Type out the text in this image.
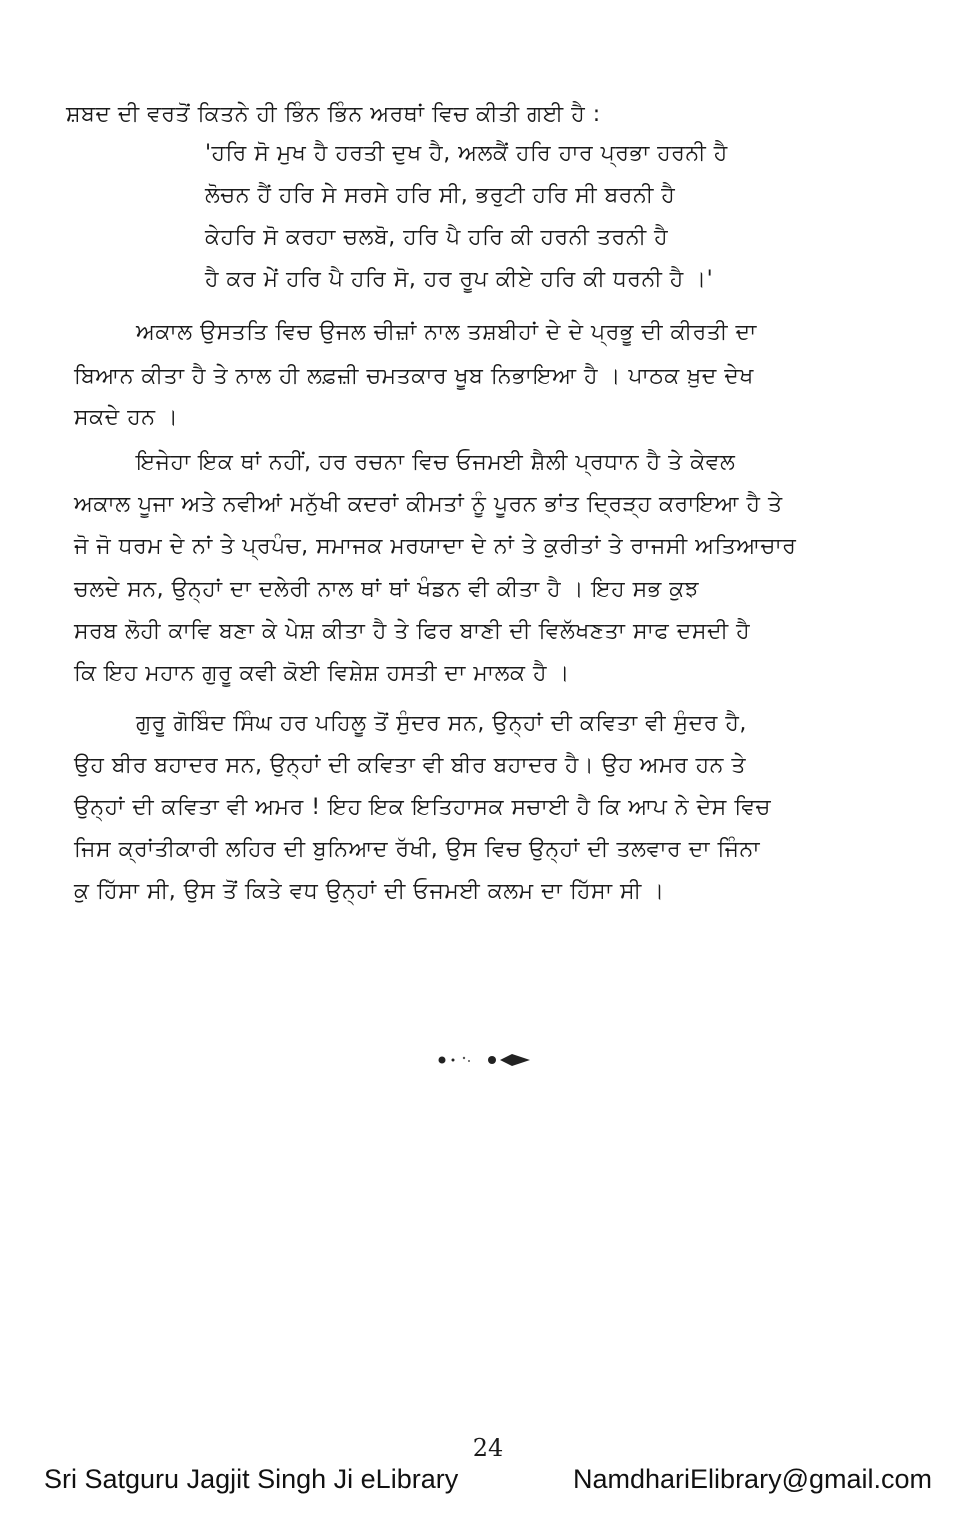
ਸ਼ਬਦ ਦੀ ਵਰਤੋਂ ਕਿਤਨੇ ਹੀ ਭਿੰਨ ਭਿੰਨ ਅਰਥਾਂ ਵਿਚ ਕੀਤੀ ਗਈ ਹੈ :
'ਹਰਿ ਸੋ ਮੁਖ ਹੈ ਹਰਤੀ ਦੁਖ ਹੈ, ਅਲਕੈਂ ਹਰਿ ਹਾਰ ਪ੍ਰਭਾ ਹਰਨੀ ਹੈ
ਲੋਚਨ ਹੈਂ ਹਰਿ ਸੇ ਸਰਸੇ ਹਰਿ ਸੀ, ਭਰੁਟੀ ਹਰਿ ਸੀ ਬਰਨੀ ਹੈ
ਕੇਹਰਿ ਸੋ ਕਰਹਾ ਚਲਬੋ, ਹਰਿ ਪੈ ਹਰਿ ਕੀ ਹਰਨੀ ਤਰਨੀ ਹੈ
ਹੈ ਕਰ ਮੇਂ ਹਰਿ ਪੈ ਹਰਿ ਸੋ, ਹਰ ਰੂਪ ਕੀਏ ਹਰਿ ਕੀ ਧਰਨੀ ਹੈ ।'
ਅਕਾਲ ਉਸਤਤਿ ਵਿਚ ਉਜਲ ਚੀਜ਼ਾਂ ਨਾਲ ਤਸ਼ਬੀਹਾਂ ਦੇ ਦੇ ਪ੍ਰਭੂ ਦੀ ਕੀਰਤੀ ਦਾ
ਬਿਆਨ ਕੀਤਾ ਹੈ ਤੇ ਨਾਲ ਹੀ ਲਫ਼ਜ਼ੀ ਚਮਤਕਾਰ ਖੂਬ ਨਿਭਾਇਆ ਹੈ । ਪਾਠਕ ਖ਼ੁਦ ਦੇਖ
ਸਕਦੇ ਹਨ ।
ਇਜੇਹਾ ਇਕ ਥਾਂ ਨਹੀਂ, ਹਰ ਰਚਨਾ ਵਿਚ ਓਜਮਈ ਸ਼ੈਲੀ ਪ੍ਰਧਾਨ ਹੈ ਤੇ ਕੇਵਲ
ਅਕਾਲ ਪੂਜਾ ਅਤੇ ਨਵੀਆਂ ਮਨੁੱਖੀ ਕਦਰਾਂ ਕੀਮਤਾਂ ਨੂੰ ਪੂਰਨ ਭਾਂਤ ਦ੍ਰਿੜ੍ਹ ਕਰਾਇਆ ਹੈ ਤੇ
ਜੋ ਜੋ ਧਰਮ ਦੇ ਨਾਂ ਤੇ ਪ੍ਰਪੰਚ, ਸਮਾਜਕ ਮਰਯਾਦਾ ਦੇ ਨਾਂ ਤੇ ਕੁਰੀਤਾਂ ਤੇ ਰਾਜਸੀ ਅਤਿਆਚਾਰ
ਚਲਦੇ ਸਨ, ਉਨ੍ਹਾਂ ਦਾ ਦਲੇਰੀ ਨਾਲ ਥਾਂ ਥਾਂ ਖੰਡਨ ਵੀ ਕੀਤਾ ਹੈ । ਇਹ ਸਭ ਕੁਝ
ਸਰਬ ਲੋਹੀ ਕਾਵਿ ਬਣਾ ਕੇ ਪੇਸ਼ ਕੀਤਾ ਹੈ ਤੇ ਫਿਰ ਬਾਣੀ ਦੀ ਵਿਲੱਖਣਤਾ ਸਾਫ ਦਸਦੀ ਹੈ
ਕਿ ਇਹ ਮਹਾਨ ਗੁਰੂ ਕਵੀ ਕੋਈ ਵਿਸ਼ੇਸ਼ ਹਸਤੀ ਦਾ ਮਾਲਕ ਹੈ ।
ਗੁਰੂ ਗੋਬਿੰਦ ਸਿੰਘ ਹਰ ਪਹਿਲੂ ਤੋਂ ਸੁੰਦਰ ਸਨ, ਉਨ੍ਹਾਂ ਦੀ ਕਵਿਤਾ ਵੀ ਸੁੰਦਰ ਹੈ,
ਉਹ ਬੀਰ ਬਹਾਦਰ ਸਨ, ਉਨ੍ਹਾਂ ਦੀ ਕਵਿਤਾ ਵੀ ਬੀਰ ਬਹਾਦਰ ਹੈ। ਉਹ ਅਮਰ ਹਨ ਤੇ
ਉਨ੍ਹਾਂ ਦੀ ਕਵਿਤਾ ਵੀ ਅਮਰ ! ਇਹ ਇਕ ਇਤਿਹਾਸਕ ਸਚਾਈ ਹੈ ਕਿ ਆਪ ਨੇ ਦੇਸ ਵਿਚ
ਜਿਸ ਕ੍ਰਾਂਤੀਕਾਰੀ ਲਹਿਰ ਦੀ ਬੁਨਿਆਦ ਰੱਖੀ, ਉਸ ਵਿਚ ਉਨ੍ਹਾਂ ਦੀ ਤਲਵਾਰ ਦਾ ਜਿੰਨਾ
ਕੁ ਹਿੱਸਾ ਸੀ, ਉਸ ਤੋਂ ਕਿਤੇ ਵਧ ਉਨ੍ਹਾਂ ਦੀ ਓਜਮਈ ਕਲਮ ਦਾ ਹਿੱਸਾ ਸੀ ।
24
Sri Satguru Jagjit Singh Ji eLibrary	NamdhariElibrary@gmail.com
